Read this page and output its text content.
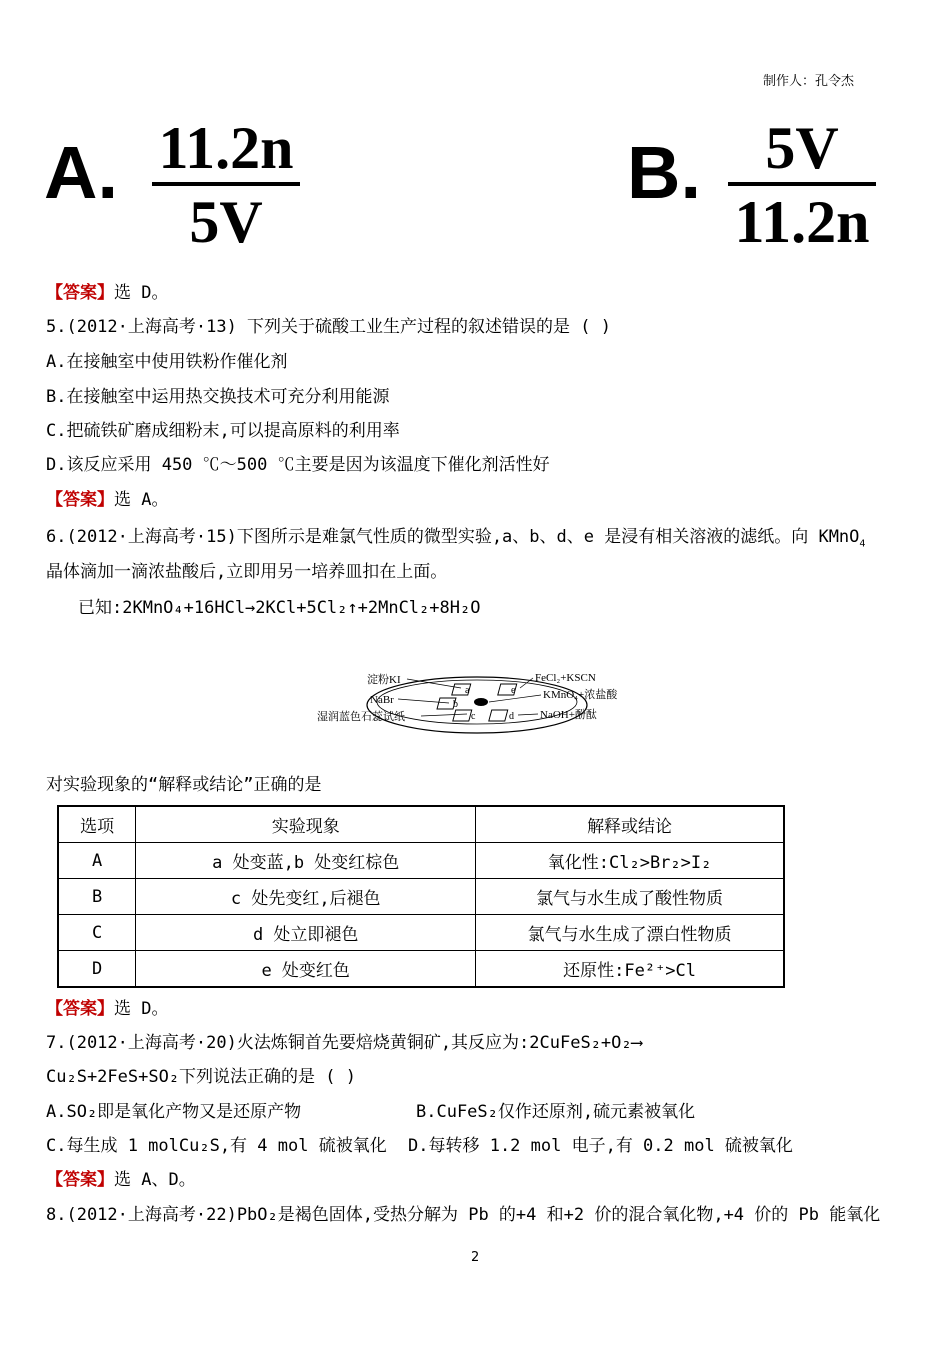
制作人：孔令杰
A. 11.2n
5V
B.	5V
11.2n
【答案】选 D。
5.(2012·上海高考·13) 下列关于硫酸工业生产过程的叙述错误的是 ( )
A.在接触室中使用铁粉作催化剂
B.在接触室中运用热交换技术可充分利用能源
C.把硫铁矿磨成细粉末,可以提高原料的利用率
D.该反应采用 450 ℃～500 ℃主要是因为该温度下催化剂活性好
【答案】选 A。
6.(2012·上海高考·15)下图所示是难氯气性质的微型实验,a、b、d、e 是浸有相关溶液的滤纸。向 KMnO$_4$
晶体滴加一滴浓盐酸后,立即用另一培养皿扣在上面。
已知:2KMnO₄+16HCl→2KCl+5Cl₂↑+2MnCl₂+8H₂O
a
b
c	d
e
淀粉KI
NaBr
湿润蓝色石蕊试纸
FeCl₂+KSCN
KMnO₄+浓盐酸
NaOH+酚酞
对实验现象的“解释或结论”正确的是
选项	实验现象	解释或结论
A	a 处变蓝,b 处变红棕色	氧化性:Cl₂>Br₂>I₂
B	c 处先变红,后褪色	氯气与水生成了酸性物质
C	d 处立即褪色	氯气与水生成了漂白性物质
D	e 处变红色	还原性:Fe²⁺>Cl
【答案】选 D。
7.(2012·上海高考·20)火法炼铜首先要焙烧黄铜矿,其反应为:2CuFeS₂+O₂⟶
Cu₂S+2FeS+SO₂下列说法正确的是 ( )
A.SO₂即是氧化产物又是还原产物	B.CuFeS₂仅作还原剂,硫元素被氧化
C.每生成 1 molCu₂S,有 4 mol 硫被氧化 D.每转移 1.2 mol 电子,有 0.2 mol 硫被氧化
【答案】选 A、D。
8.(2012·上海高考·22)PbO₂是褐色固体,受热分解为 Pb 的+4 和+2 价的混合氧化物,+4 价的 Pb 能氧化
2
